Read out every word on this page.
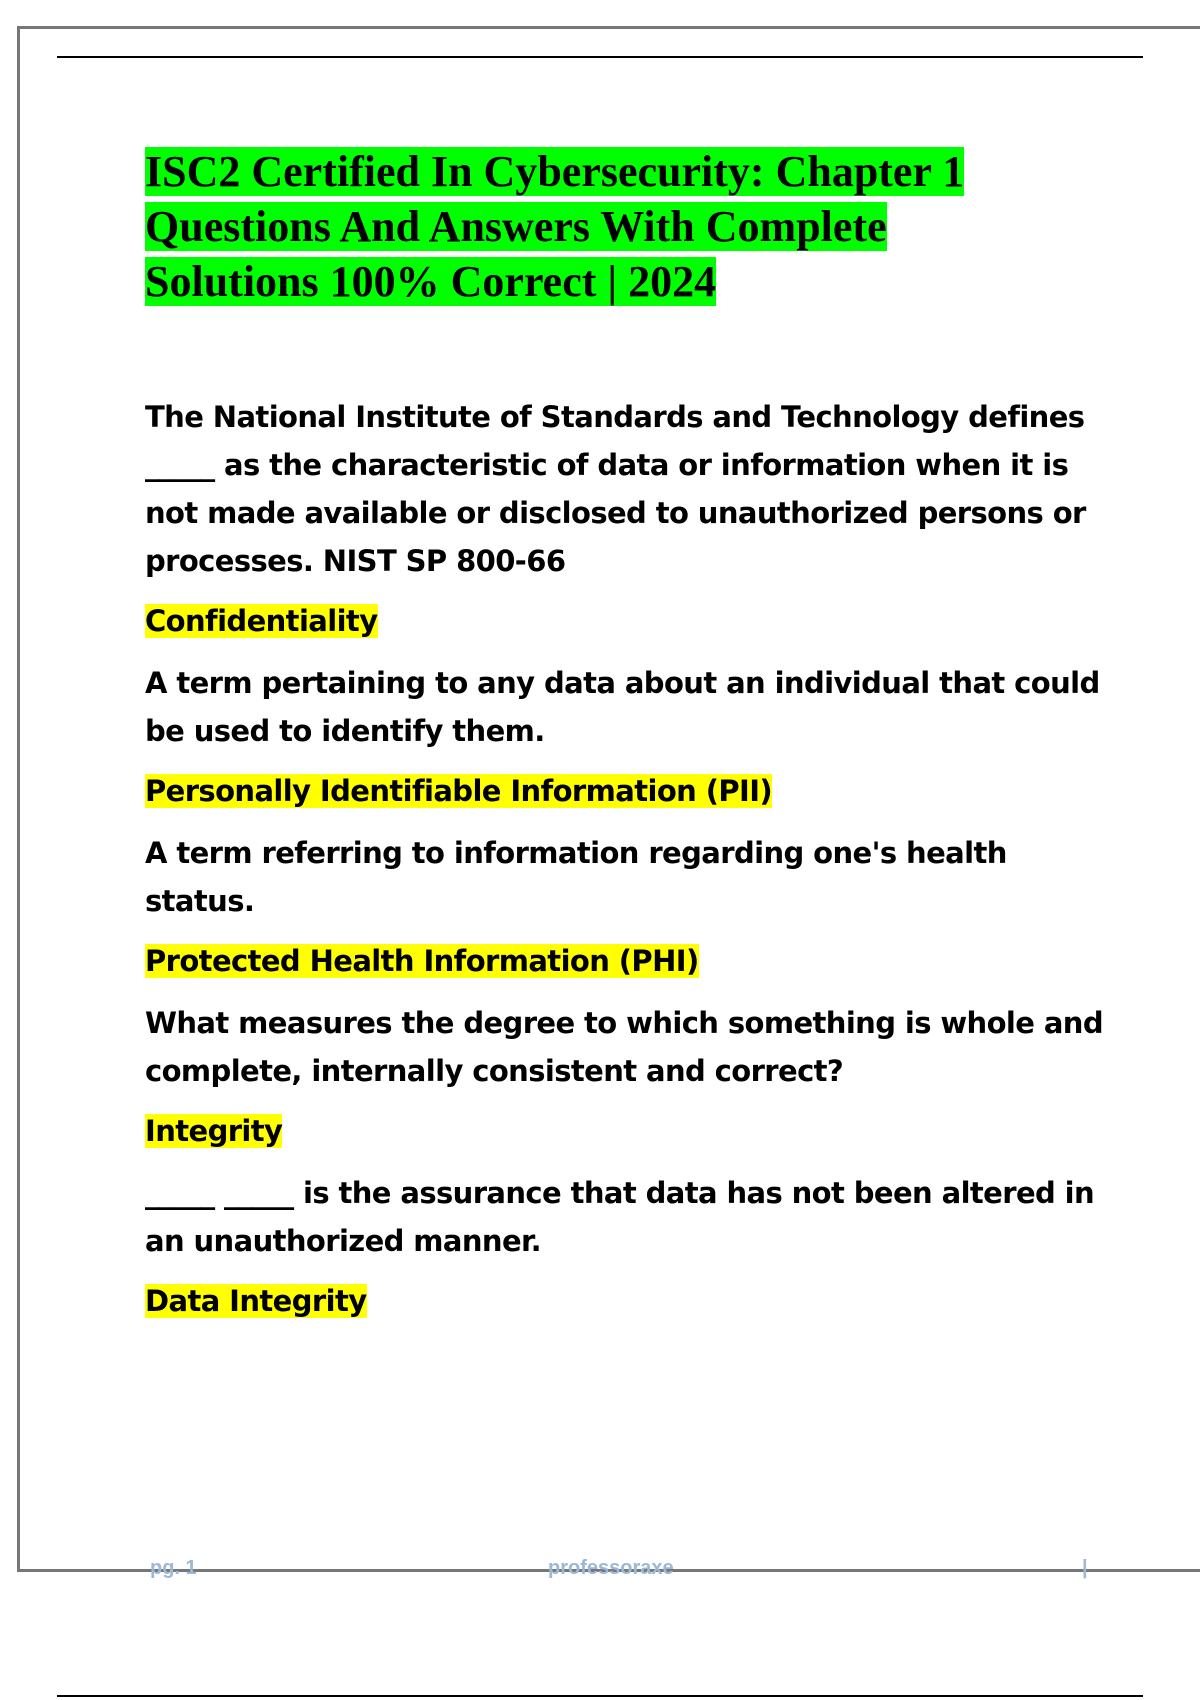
ISC2 Certified In Cybersecurity: Chapter 1 Questions And Answers With Complete Solutions 100% Correct | 2024

The National Institute of Standards and Technology defines _____ as the characteristic of data or information when it is not made available or disclosed to unauthorized persons or processes. NIST SP 800-66

Confidentiality

A term pertaining to any data about an individual that could be used to identify them.

Personally Identifiable Information (PII)

A term referring to information regarding one's health status.

Protected Health Information (PHI)

What measures the degree to which something is whole and complete, internally consistent and correct?

Integrity

_____ _____ is the assurance that data has not been altered in an unauthorized manner.

Data Integrity

pg. 1	professoraxe	|
